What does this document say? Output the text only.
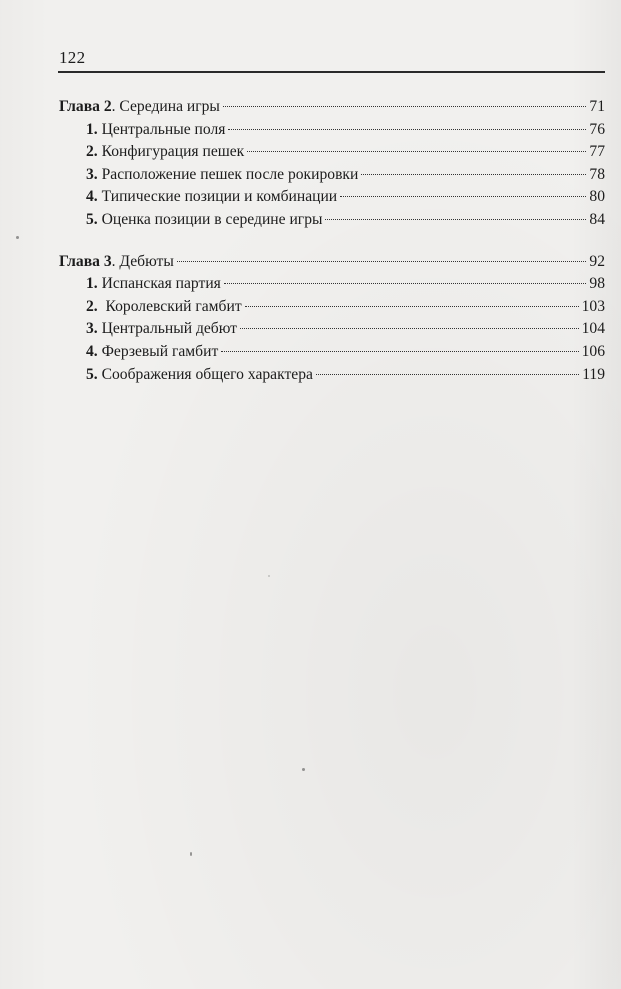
122
Глава 2. Середина игры	71
1. Центральные поля	76
2. Конфигурация пешек	77
3. Расположение пешек после рокировки	78
4. Типические позиции и комбинации	80
5. Оценка позиции в середине игры	84
Глава 3. Дебюты	92
1. Испанская партия	98
2.  Королевский гамбит	103
3. Центральный дебют	104
4. Ферзевый гамбит	106
5. Соображения общего характера	119
